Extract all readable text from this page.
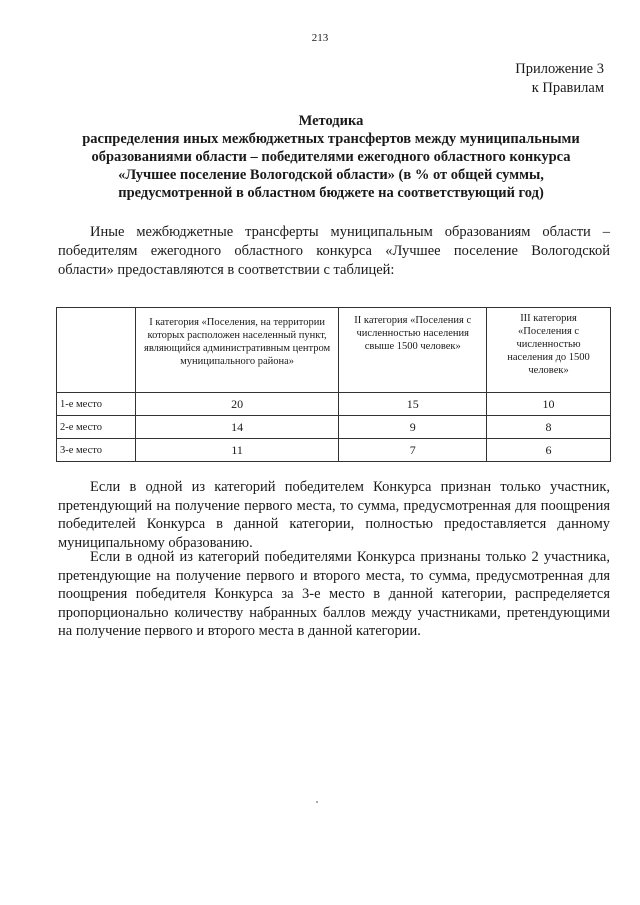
213
Приложение 3
к Правилам
Методика
распределения иных межбюджетных трансфертов между муниципальными
образованиями области – победителями ежегодного областного конкурса
«Лучшее поселение Вологодской области» (в % от общей суммы,
предусмотренной в областном бюджете на соответствующий год)

Иные межбюджетные трансферты муниципальным образованиям области – победителям ежегодного областного конкурса «Лучшее поселение Вологодской области» предоставляются в соответствии с таблицей:

	I категория «Поселения, на территории которых расположен населенный пункт, являющийся административным центром муниципального района»	II категория «Поселения с численностью населения свыше 1500 человек»	III категория «Поселения с численностью населения до 1500 человек»
1-е место	20	15	10
2-е место	14	9	8
3-е место	11	7	6

Если в одной из категорий победителем Конкурса признан только участник, претендующий на получение первого места, то сумма, предусмотренная для поощрения победителей Конкурса в данной категории, полностью предоставляется данному муниципальному образованию.

Если в одной из категорий победителями Конкурса признаны только 2 участника, претендующие на получение первого и второго места, то сумма, предусмотренная для поощрения победителя Конкурса за 3-е место в данной категории, распределяется пропорционально количеству набранных баллов между участниками, претендующими на получение первого и второго места в данной категории.
